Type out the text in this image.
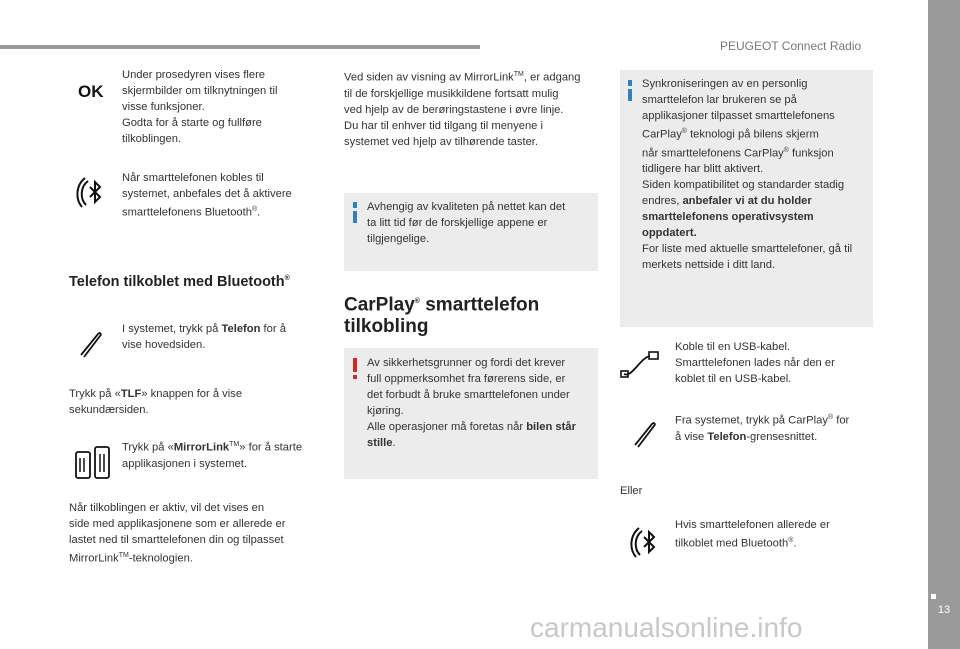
PEUGEOT Connect Radio
13
carmanualsonline.info
OK
Under prosedyren vises flere
skjermbilder om tilknytningen til
visse funksjoner.
Godta for å starte og fullføre
tilkoblingen.
Når smarttelefonen kobles til
systemet, anbefales det å aktivere
smarttelefonens Bluetooth®.
Telefon tilkoblet med Bluetooth®
I systemet, trykk på Telefon for å
vise hovedsiden.
Trykk på «TLF» knappen for å vise
sekundærsiden.
Trykk på «MirrorLink™» for å starte
applikasjonen i systemet.
Når tilkoblingen er aktiv, vil det vises en
side med applikasjonene som er allerede er
lastet ned til smarttelefonen din og tilpasset
MirrorLink™-teknologien.
Ved siden av visning av MirrorLink™, er adgang
til de forskjellige musikkildene fortsatt mulig
ved hjelp av de berøringstastene i øvre linje.
Du har til enhver tid tilgang til menyene i
systemet ved hjelp av tilhørende taster.
Avhengig av kvaliteten på nettet kan det
ta litt tid før de forskjellige appene er
tilgjengelige.
CarPlay® smarttelefon
tilkobling
Av sikkerhetsgrunner og fordi det krever
full oppmerksomhet fra førerens side, er
det forbudt å bruke smarttelefonen under
kjøring.
Alle operasjoner må foretas når bilen står
stille.
Synkroniseringen av en personlig
smarttelefon lar brukeren se på
applikasjoner tilpasset smarttelefonens
CarPlay® teknologi på bilens skjerm
når smarttelefonens CarPlay® funksjon
tidligere har blitt aktivert.
Siden kompatibilitet og standarder stadig
endres, anbefaler vi at du holder
smarttelefonens operativsystem
oppdatert.
For liste med aktuelle smarttelefoner, gå til
merkets nettside i ditt land.
Koble til en USB-kabel.
Smarttelefonen lades når den er
koblet til en USB-kabel.
Fra systemet, trykk på CarPlay® for
å vise Telefon-grensesnittet.
Eller
Hvis smarttelefonen allerede er
tilkoblet med Bluetooth®.
